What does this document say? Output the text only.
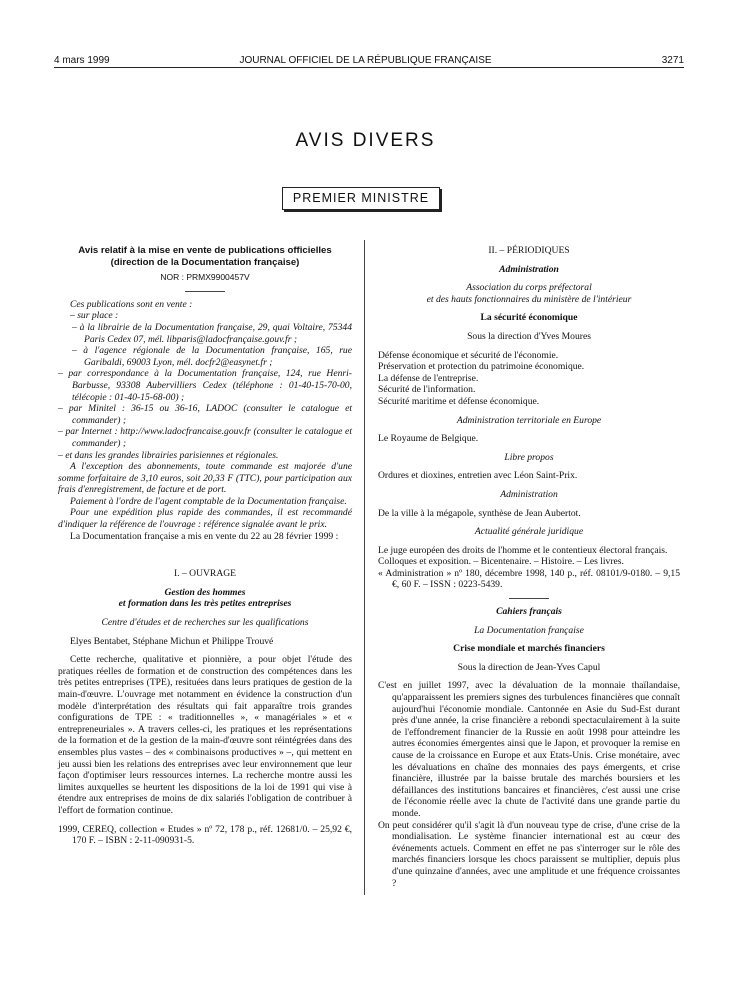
4 mars 1999	JOURNAL OFFICIEL DE LA RÉPUBLIQUE FRANÇAISE	3271
AVIS DIVERS
PREMIER MINISTRE

Avis relatif à la mise en vente de publications officielles

(direction de la Documentation française)

NOR : PRMX9900457V

Ces publications sont en vente :

– sur place :

– à la librairie de la Documentation française, 29, quai Voltaire, 75344 Paris Cedex 07, mél. libparis@ladocfrançaise.gouv.fr ;

– à l'agence régionale de la Documentation française, 165, rue Garibaldi, 69003 Lyon, mél. docfr2@easynet.fr ;

– par correspondance à la Documentation française, 124, rue Henri-Barbusse, 93308 Aubervilliers Cedex (téléphone : 01-40-15-70-00, télécopie : 01-40-15-68-00) ;

– par Minitel : 36-15 ou 36-16, LADOC (consulter le catalogue et commander) ;

– par Internet : http://www.ladocfrancaise.gouv.fr (consulter le catalogue et commander) ;

– et dans les grandes librairies parisiennes et régionales.

A l'exception des abonnements, toute commande est majorée d'une somme forfaitaire de 3,10 euros, soit 20,33 F (TTC), pour participation aux frais d'enregistrement, de facture et de port.

Paiement à l'ordre de l'agent comptable de la Documentation française.

Pour une expédition plus rapide des commandes, il est recommandé d'indiquer la référence de l'ouvrage : référence signalée avant le prix.

La Documentation française a mis en vente du 22 au 28 février 1999 :

I. – OUVRAGE

Gestion des hommes

et formation dans les très petites entreprises

Centre d'études et de recherches sur les qualifications

Elyes Bentabet, Stéphane Michun et Philippe Trouvé

Cette recherche, qualitative et pionnière, a pour objet l'étude des pratiques réelles de formation et de construction des compétences dans les très petites entreprises (TPE), resituées dans leurs pratiques de gestion de la main-d'œuvre. L'ouvrage met notamment en évidence la construction d'un modèle d'interprétation des résultats qui fait apparaître trois grandes configurations de TPE : « traditionnelles », « managériales » et « entrepreneuriales ». A travers celles-ci, les pratiques et les représentations de la formation et de la gestion de la main-d'œuvre sont réintégrées dans des ensembles plus vastes – des « combinaisons productives » –, qui mettent en jeu aussi bien les relations des entreprises avec leur environnement que leur façon d'optimiser leurs ressources internes. La recherche montre aussi les limites auxquelles se heurtent les dispositions de la loi de 1991 qui vise à étendre aux entreprises de moins de dix salariés l'obligation de contribuer à l'effort de formation continue.

1999, CEREQ, collection « Etudes » nº 72, 178 p., réf. 12681/0. – 25,92 €, 170 F. – ISBN : 2-11-090931-5.

II. – PÉRIODIQUES

Administration

Association du corps préfectoral

et des hauts fonctionnaires du ministère de l'intérieur

La sécurité économique

Sous la direction d'Yves Moures

Défense économique et sécurité de l'économie.

Préservation et protection du patrimoine économique.

La défense de l'entreprise.

Sécurité de l'information.

Sécurité maritime et défense économique.

Administration territoriale en Europe

Le Royaume de Belgique.

Libre propos

Ordures et dioxines, entretien avec Léon Saint-Prix.

Administration

De la ville à la mégapole, synthèse de Jean Aubertot.

Actualité générale juridique

Le juge européen des droits de l'homme et le contentieux électoral français.

Colloques et exposition. – Bicentenaire. – Histoire. – Les livres.

« Administration » nº 180, décembre 1998, 140 p., réf. 08101/9-0180. – 9,15 €, 60 F. – ISSN : 0223-5439.

Cahiers français

La Documentation française

Crise mondiale et marchés financiers

Sous la direction de Jean-Yves Capul

C'est en juillet 1997, avec la dévaluation de la monnaie thaïlandaise, qu'apparaissent les premiers signes des turbulences financières que connaît aujourd'hui l'économie mondiale. Cantonnée en Asie du Sud-Est durant près d'une année, la crise financière a rebondi spectaculairement à la suite de l'effondrement financier de la Russie en août 1998 pour atteindre les autres économies émergentes ainsi que le Japon, et provoquer la remise en cause de la croissance en Europe et aux Etats-Unis. Crise monétaire, avec les dévaluations en chaîne des monnaies des pays émergents, et crise financière, illustrée par la baisse brutale des marchés boursiers et les défaillances des institutions bancaires et financières, c'est aussi une crise de l'économie réelle avec la chute de l'activité dans une grande partie du monde.

On peut considérer qu'il s'agit là d'un nouveau type de crise, d'une crise de la mondialisation. Le système financier international est au cœur des événements actuels. Comment en effet ne pas s'interroger sur le rôle des marchés financiers lorsque les chocs paraissent se multiplier, depuis plus d'une quinzaine d'années, avec une amplitude et une fréquence croissantes ?
